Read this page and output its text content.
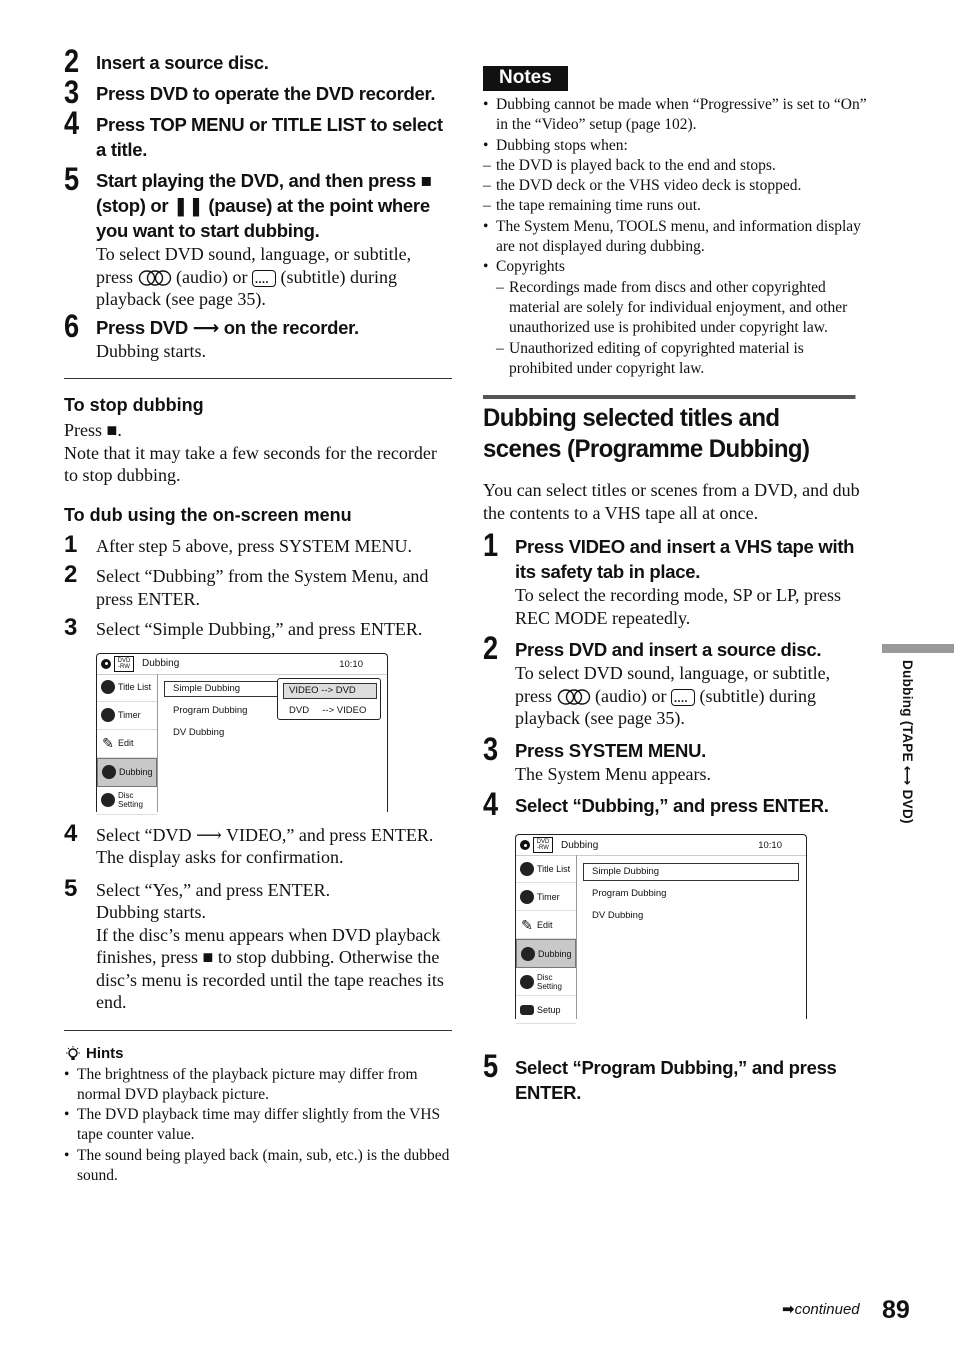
2 Insert a source disc.
3 Press DVD to operate the DVD recorder.
4 Press TOP MENU or TITLE LIST to select a title.
5 Start playing the DVD, and then press ■ (stop) or ❚❚ (pause) at the point where you want to start dubbing.
To select DVD sound, language, or subtitle, press (audio) or .... (subtitle) during playback (see page 35).
6 Press DVD ⟶ on the recorder.
Dubbing starts.
To stop dubbing
Press ■.
Note that it may take a few seconds for the recorder to stop dubbing.
To dub using the on-screen menu
1 After step 5 above, press SYSTEM MENU.
2 Select “Dubbing” from the System Menu, and press ENTER.
3 Select “Simple Dubbing,” and press ENTER.
DVD -RW	Dubbing	10:10
Title List
Timer
✎ Edit
Dubbing
Disc Setting
Simple Dubbing
Program Dubbing
DV Dubbing
VIDEO --> DVD
DVD     --> VIDEO
4 Select “DVD ⟶ VIDEO,” and press ENTER. The display asks for confirmation.
5 Select “Yes,” and press ENTER.
Dubbing starts.
If the disc’s menu appears when DVD playback finishes, press ■ to stop dubbing. Otherwise the disc’s menu is recorded until the tape reaches its end.
Hints
• The brightness of the playback picture may differ from normal DVD playback picture.
• The DVD playback time may differ slightly from the VHS tape counter value.
• The sound being played back (main, sub, etc.) is the dubbed sound.
Notes
• Dubbing cannot be made when “Progressive” is set to “On” in the “Video” setup (page 102).
• Dubbing stops when:
– the DVD is played back to the end and stops.
– the DVD deck or the VHS video deck is stopped.
– the tape remaining time runs out.
• The System Menu, TOOLS menu, and information display are not displayed during dubbing.
• Copyrights
– Recordings made from discs and other copyrighted material are solely for individual enjoyment, and other unauthorized use is prohibited under copyright law.
– Unauthorized editing of copyrighted material is prohibited under copyright law.
Dubbing selected titles and scenes (Programme Dubbing)
You can select titles or scenes from a DVD, and dub the contents to a VHS tape all at once.
1 Press VIDEO and insert a VHS tape with its safety tab in place.
To select the recording mode, SP or LP, press REC MODE repeatedly.
2 Press DVD and insert a source disc.
To select DVD sound, language, or subtitle, press (audio) or .... (subtitle) during playback (see page 35).
3 Press SYSTEM MENU.
The System Menu appears.
4 Select “Dubbing,” and press ENTER.
DVD -RW	Dubbing	10:10
Title List
Timer
✎ Edit
Dubbing
Disc Setting
Setup
Simple Dubbing
Program Dubbing
DV Dubbing
5 Select “Program Dubbing,” and press ENTER.
Dubbing (TAPE ⟷ DVD)
➡continued 89
